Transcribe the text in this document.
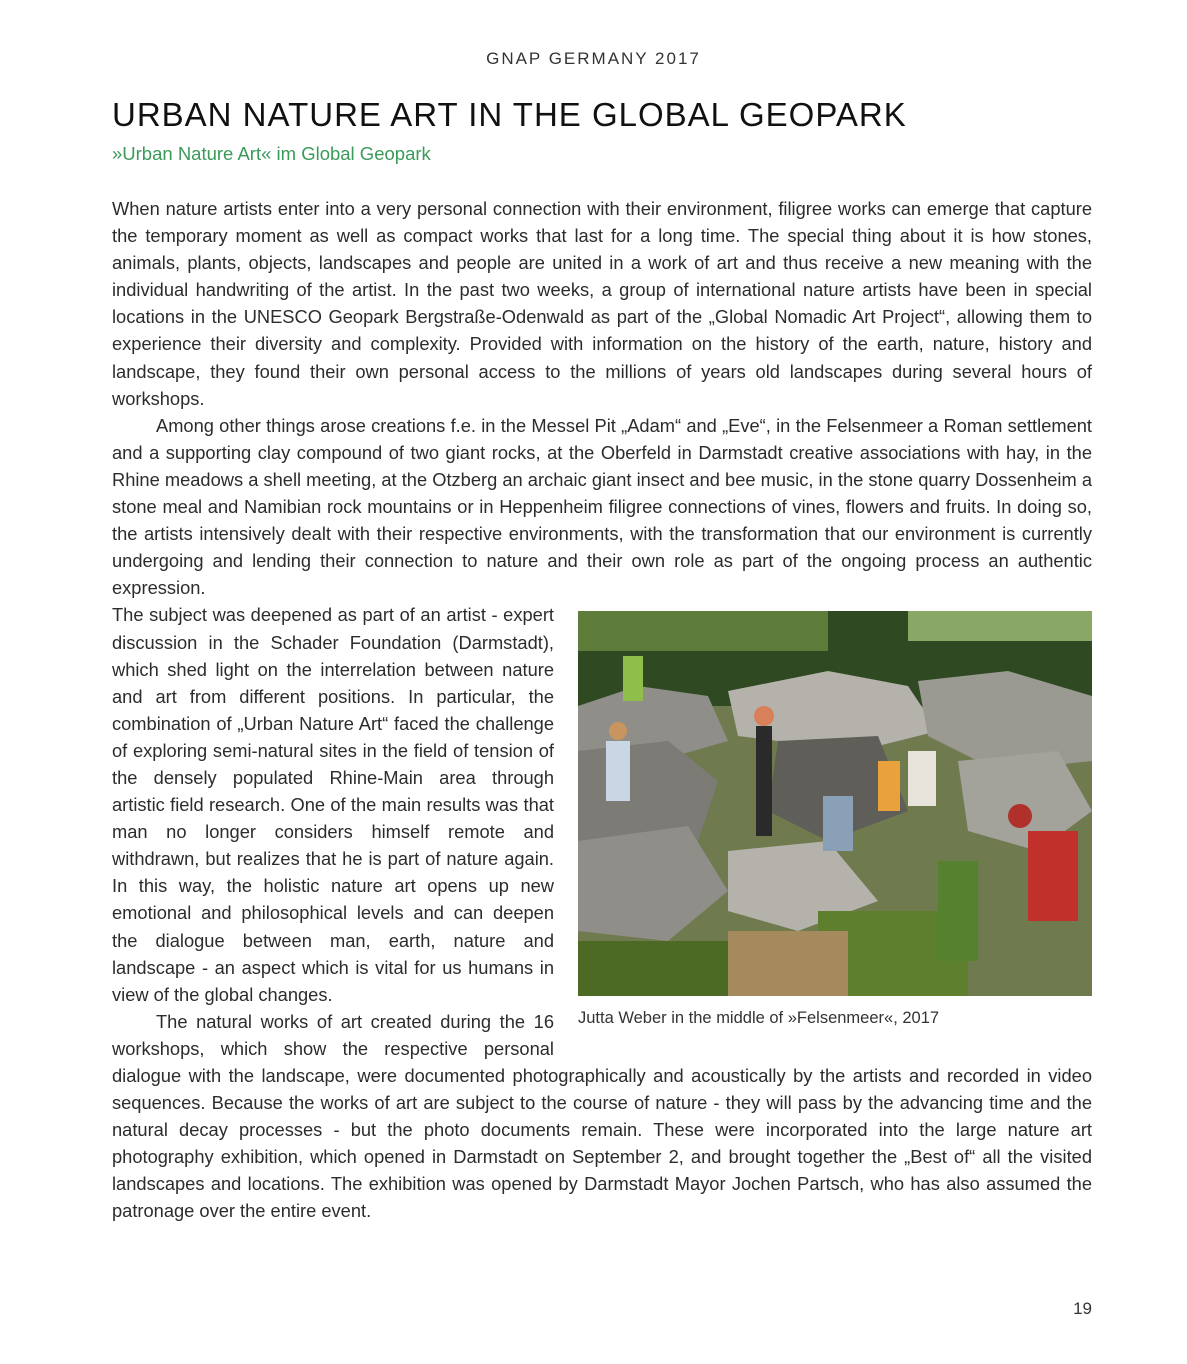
GNAP GERMANY 2017
URBAN NATURE ART IN THE GLOBAL GEOPARK
»Urban Nature Art« im Global Geopark

When nature artists enter into a very personal connection with their environment, filigree works can emerge that capture the temporary moment as well as compact works that last for a long time. The special thing about it is how stones, animals, plants, objects, landscapes and people are united in a work of art and thus receive a new meaning with the individual handwriting of the artist. In the past two weeks, a group of international nature artists have been in special locations in the UNESCO Geopark Bergstraße-Odenwald as part of the „Global Nomadic Art Project“, allowing them to experience their diversity and complexity. Provided with information on the history of the earth, nature, history and landscape, they found their own personal access to the millions of years old landscapes during several hours of workshops.

Among other things arose creations f.e. in the Messel Pit „Adam“ and „Eve“, in the Felsenmeer a Roman settlement and a supporting clay compound of two giant rocks, at the Oberfeld in Darmstadt creative associations with hay, in the Rhine meadows a shell meeting, at the Otzberg an archaic giant insect and bee music, in the stone quarry Dossenheim a stone meal and Namibian rock mountains or in Heppenheim filigree connections of vines, flowers and fruits. In doing so, the artists intensively dealt with their respective environments, with the transformation that our environment is currently undergoing and lending their connection to nature and their own role as part of the ongoing process an authentic expression.

Jutta Weber in the middle of »Felsenmeer«, 2017

The subject was deepened as part of an artist - expert discussion in the Schader Foundation (Darmstadt), which shed light on the interrelation between nature and art from different positions. In particular, the combination of „Urban Nature Art“ faced the challenge of exploring semi-natural sites in the field of tension of the densely populated Rhine-Main area through artistic field research. One of the main results was that man no longer considers himself remote and withdrawn, but realizes that he is part of nature again. In this way, the holistic nature art opens up new emotional and philosophical levels and can deepen the dialogue between man, earth, nature and landscape - an aspect which is vital for us humans in view of the global changes.

The natural works of art created during the 16 workshops, which show the respective personal dialogue with the landscape, were documented photographically and acoustically by the artists and recorded in video sequences. Because the works of art are subject to the course of nature - they will pass by the advancing time and the natural decay processes - but the photo documents remain. These were incorporated into the large nature art photography exhibition, which opened in Darmstadt on September 2, and brought together the „Best of“ all the visited landscapes and locations. The exhibition was opened by Darmstadt Mayor Jochen Partsch, who has also assumed the patronage over the entire event.

19
